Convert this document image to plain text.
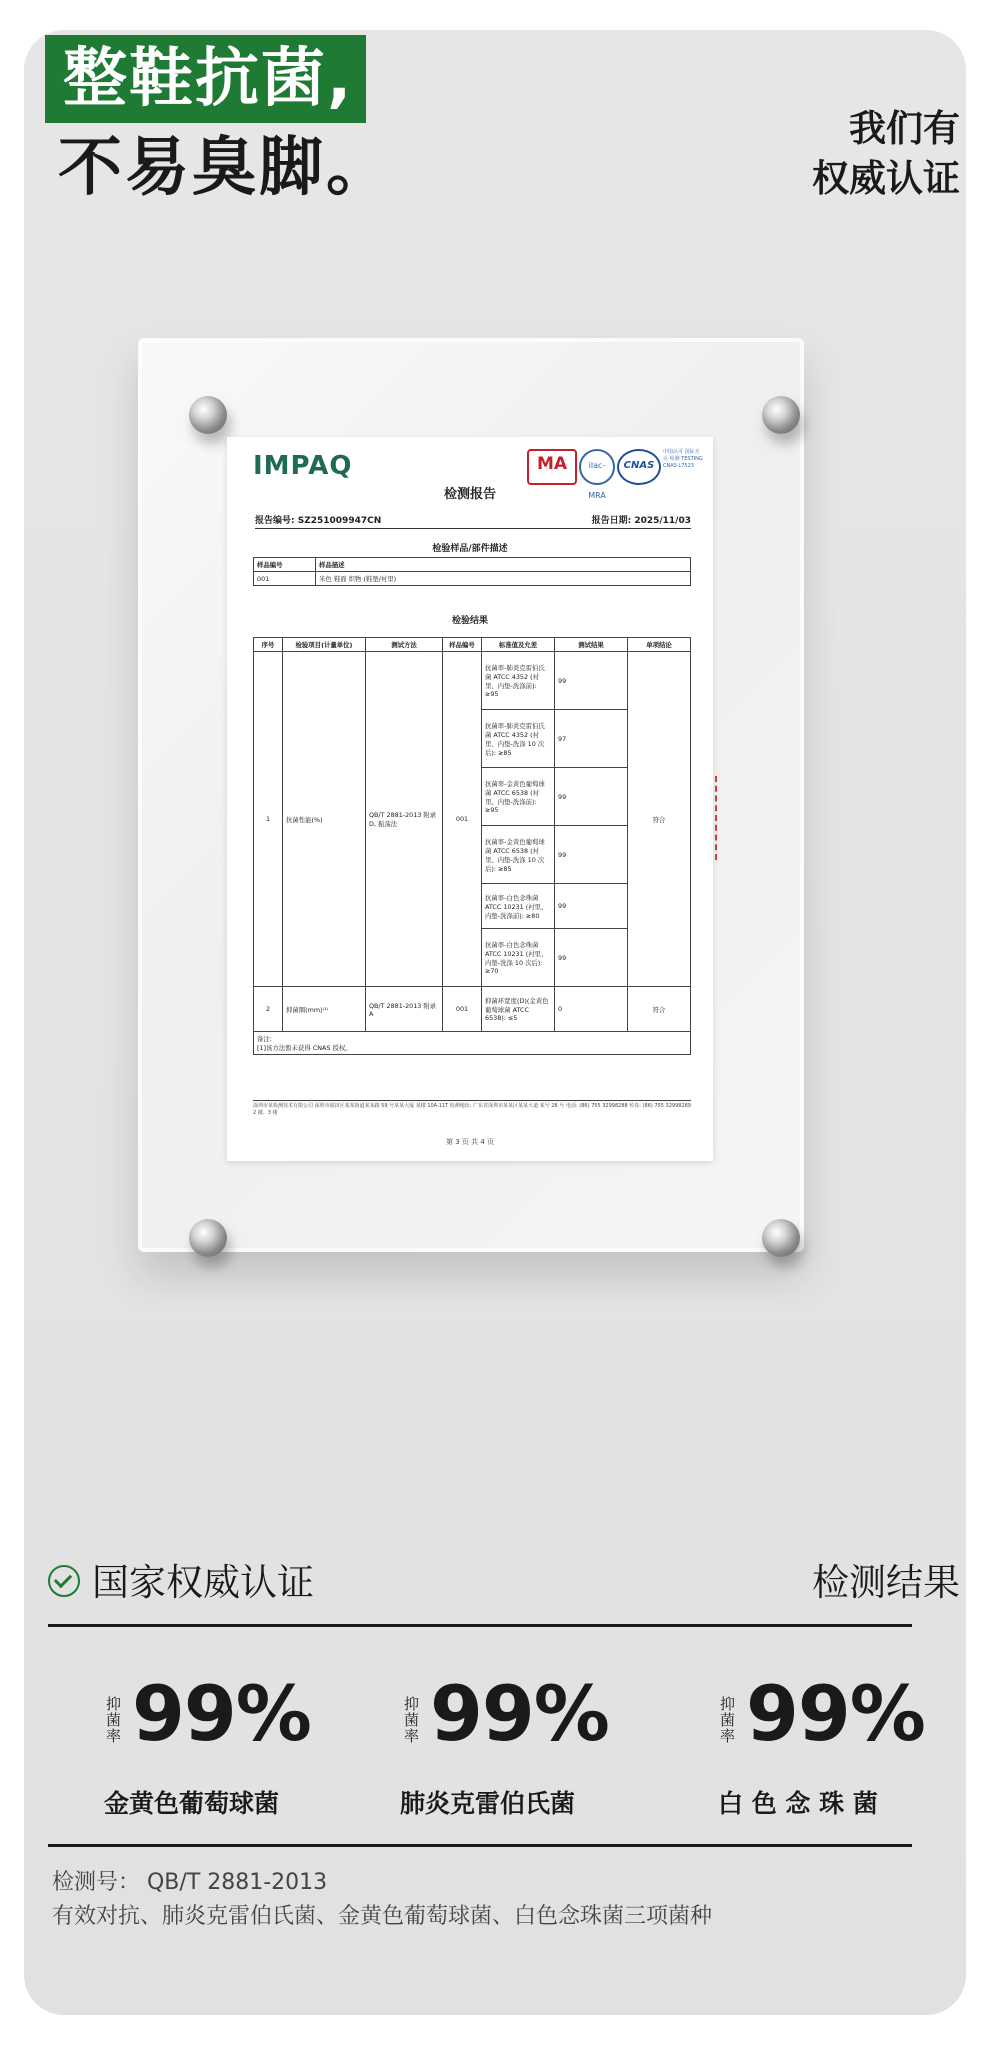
整鞋抗菌,
不易臭脚。
我们有
权威认证
IMPAQ	MA	ilac-MRA
CNAS
中国认可 国际互认 检测 TESTING CNAS L7523
检测报告
报告编号: SZ251009947CN	报告日期: 2025/11/03
检验样品/部件描述
样品编号	样品描述
001	米色 鞋面 织物 (鞋垫/衬里)
检验结果
序号	检验项目(计量单位)	测试方法	样品编号	标准值及允差	测试结果	单项结论
1	抗菌性能(%)	QB/T 2881-2013 附录 D, 振荡法	001	抗菌率-肺炎克雷伯氏菌 ATCC 4352 (衬里、内垫-洗涤前): ≥95	99	符合
				抗菌率-肺炎克雷伯氏菌 ATCC 4352 (衬里、内垫-洗涤 10 次后): ≥85	97	
				抗菌率-金黄色葡萄球菌 ATCC 6538 (衬里、内垫-洗涤前): ≥95	99	
				抗菌率-金黄色葡萄球菌 ATCC 6538 (衬里、内垫-洗涤 10 次后): ≥85	99	
				抗菌率-白色念珠菌 ATCC 10231 (衬里、内垫-洗涤前): ≥80	99	
				抗菌率-白色念珠菌 ATCC 10231 (衬里、内垫-洗涤 10 次后): ≥70	99	
2	抑菌圈(mm)⁽¹⁾	QB/T 2881-2013 附录 A	001	抑菌环宽度(D)(金黄色葡萄球菌 ATCC 6538): ≤5	0	符合

备注:
[1]该方法暂未获得 CNAS 授权。						
电话: (86) 755 32998288 传真: (86) 755 32998289
深圳市某检测技术有限公司 深圳市福田区某某街道某某路 59 号某某大厦 某楼 10A-11T 检测地址: 广东省深圳市某某区某某大道 某号 28 号 2 楼、3 楼
第 3 页 共 4 页
国家权威认证	检测结果
抑菌率 99%
金黄色葡萄球菌
抑菌率 99%
肺炎克雷伯氏菌
抑菌率 99%
白 色 念 珠 菌
检测号： QB/T 2881-2013
有效对抗、肺炎克雷伯氏菌、金黄色葡萄球菌、白色念珠菌三项菌种
